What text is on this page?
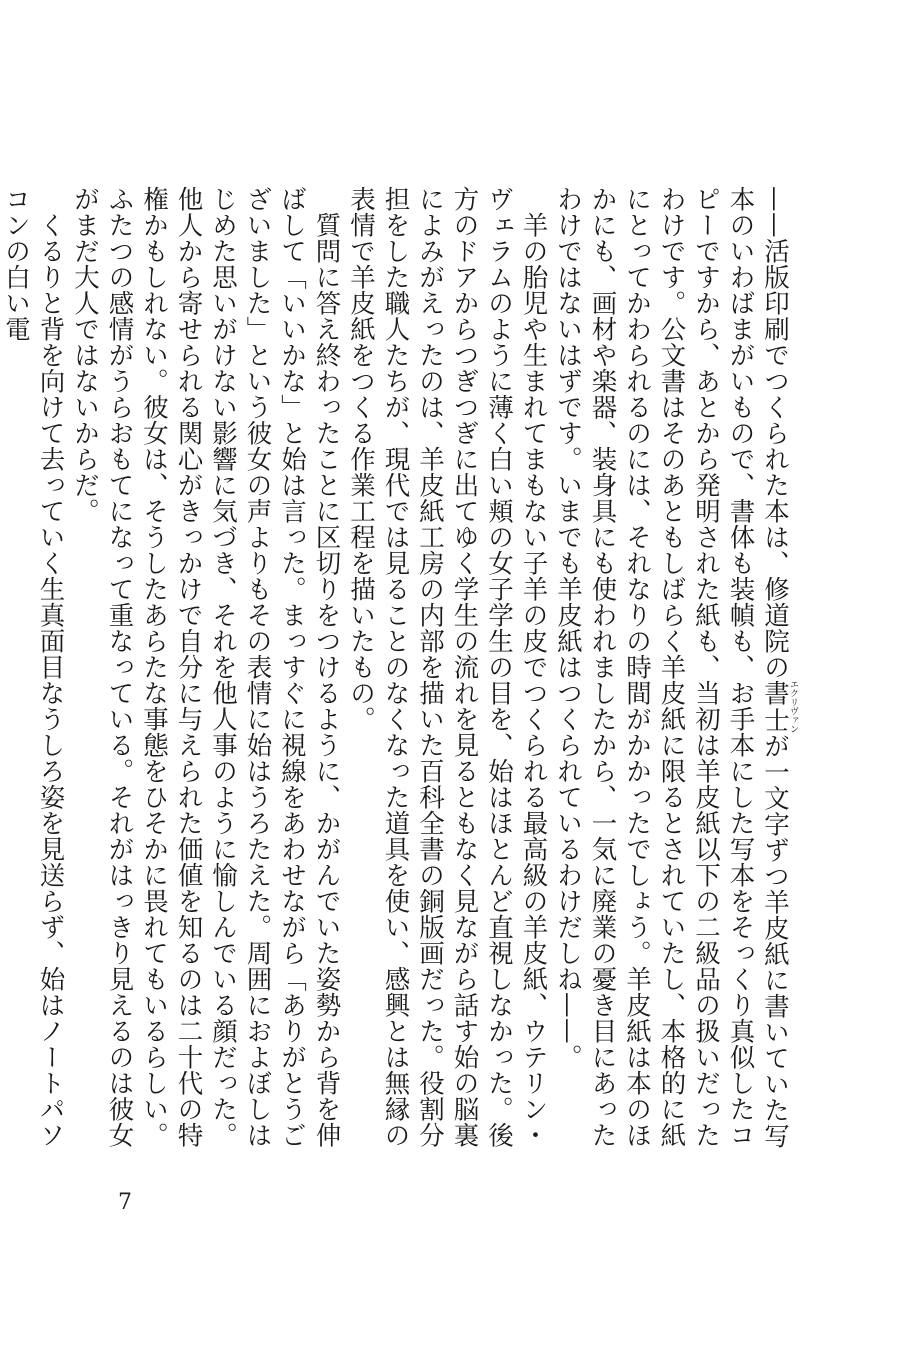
——活版印刷でつくられた本は、修道院の書士エクリヴァンが一文字ずつ羊皮紙に書いていた写本のいわばまがいもので、書体も装幀も、お手本にした写本をそっくり真似したコピーですから、あとから発明された紙も、当初は羊皮紙以下の二級品の扱いだったわけです。公文書はそのあともしばらく羊皮紙に限るとされていたし、本格的に紙にとってかわられるのには、それなりの時間がかかったでしょう。羊皮紙は本のほかにも、画材や楽器、装身具にも使われましたから、一気に廃業の憂き目にあったわけではないはずです。いまでも羊皮紙はつくられているわけだしね——。

羊の胎児や生まれてまもない子羊の皮でつくられる最高級の羊皮紙、ウテリン・ヴェラムのように薄く白い頬の女子学生の目を、始はほとんど直視しなかった。後方のドアからつぎつぎに出てゆく学生の流れを見るともなく見ながら話す始の脳裏によみがえったのは、羊皮紙工房の内部を描いた百科全書の銅版画だった。役割分担をした職人たちが、現代では見ることのなくなった道具を使い、感興とは無縁の表情で羊皮紙をつくる作業工程を描いたもの。

質問に答え終わったことに区切りをつけるように、かがんでいた姿勢から背を伸ばして「いいかな」と始は言った。まっすぐに視線をあわせながら「ありがとうございました」という彼女の声よりもその表情に始はうろたえた。周囲におよぼしはじめた思いがけない影響に気づき、それを他人事のように愉しんでいる顔だった。他人から寄せられる関心がきっかけで自分に与えられた価値を知るのは二十代の特権かもしれない。彼女は、そうしたあらたな事態をひそかに畏れてもいるらしい。ふたつの感情がうらおもてになって重なっている。それがはっきり見えるのは彼女がまだ大人ではないからだ。

くるりと背を向けて去っていく生真面目なうしろ姿を見送らず、始はノートパソコンの白い電

7
